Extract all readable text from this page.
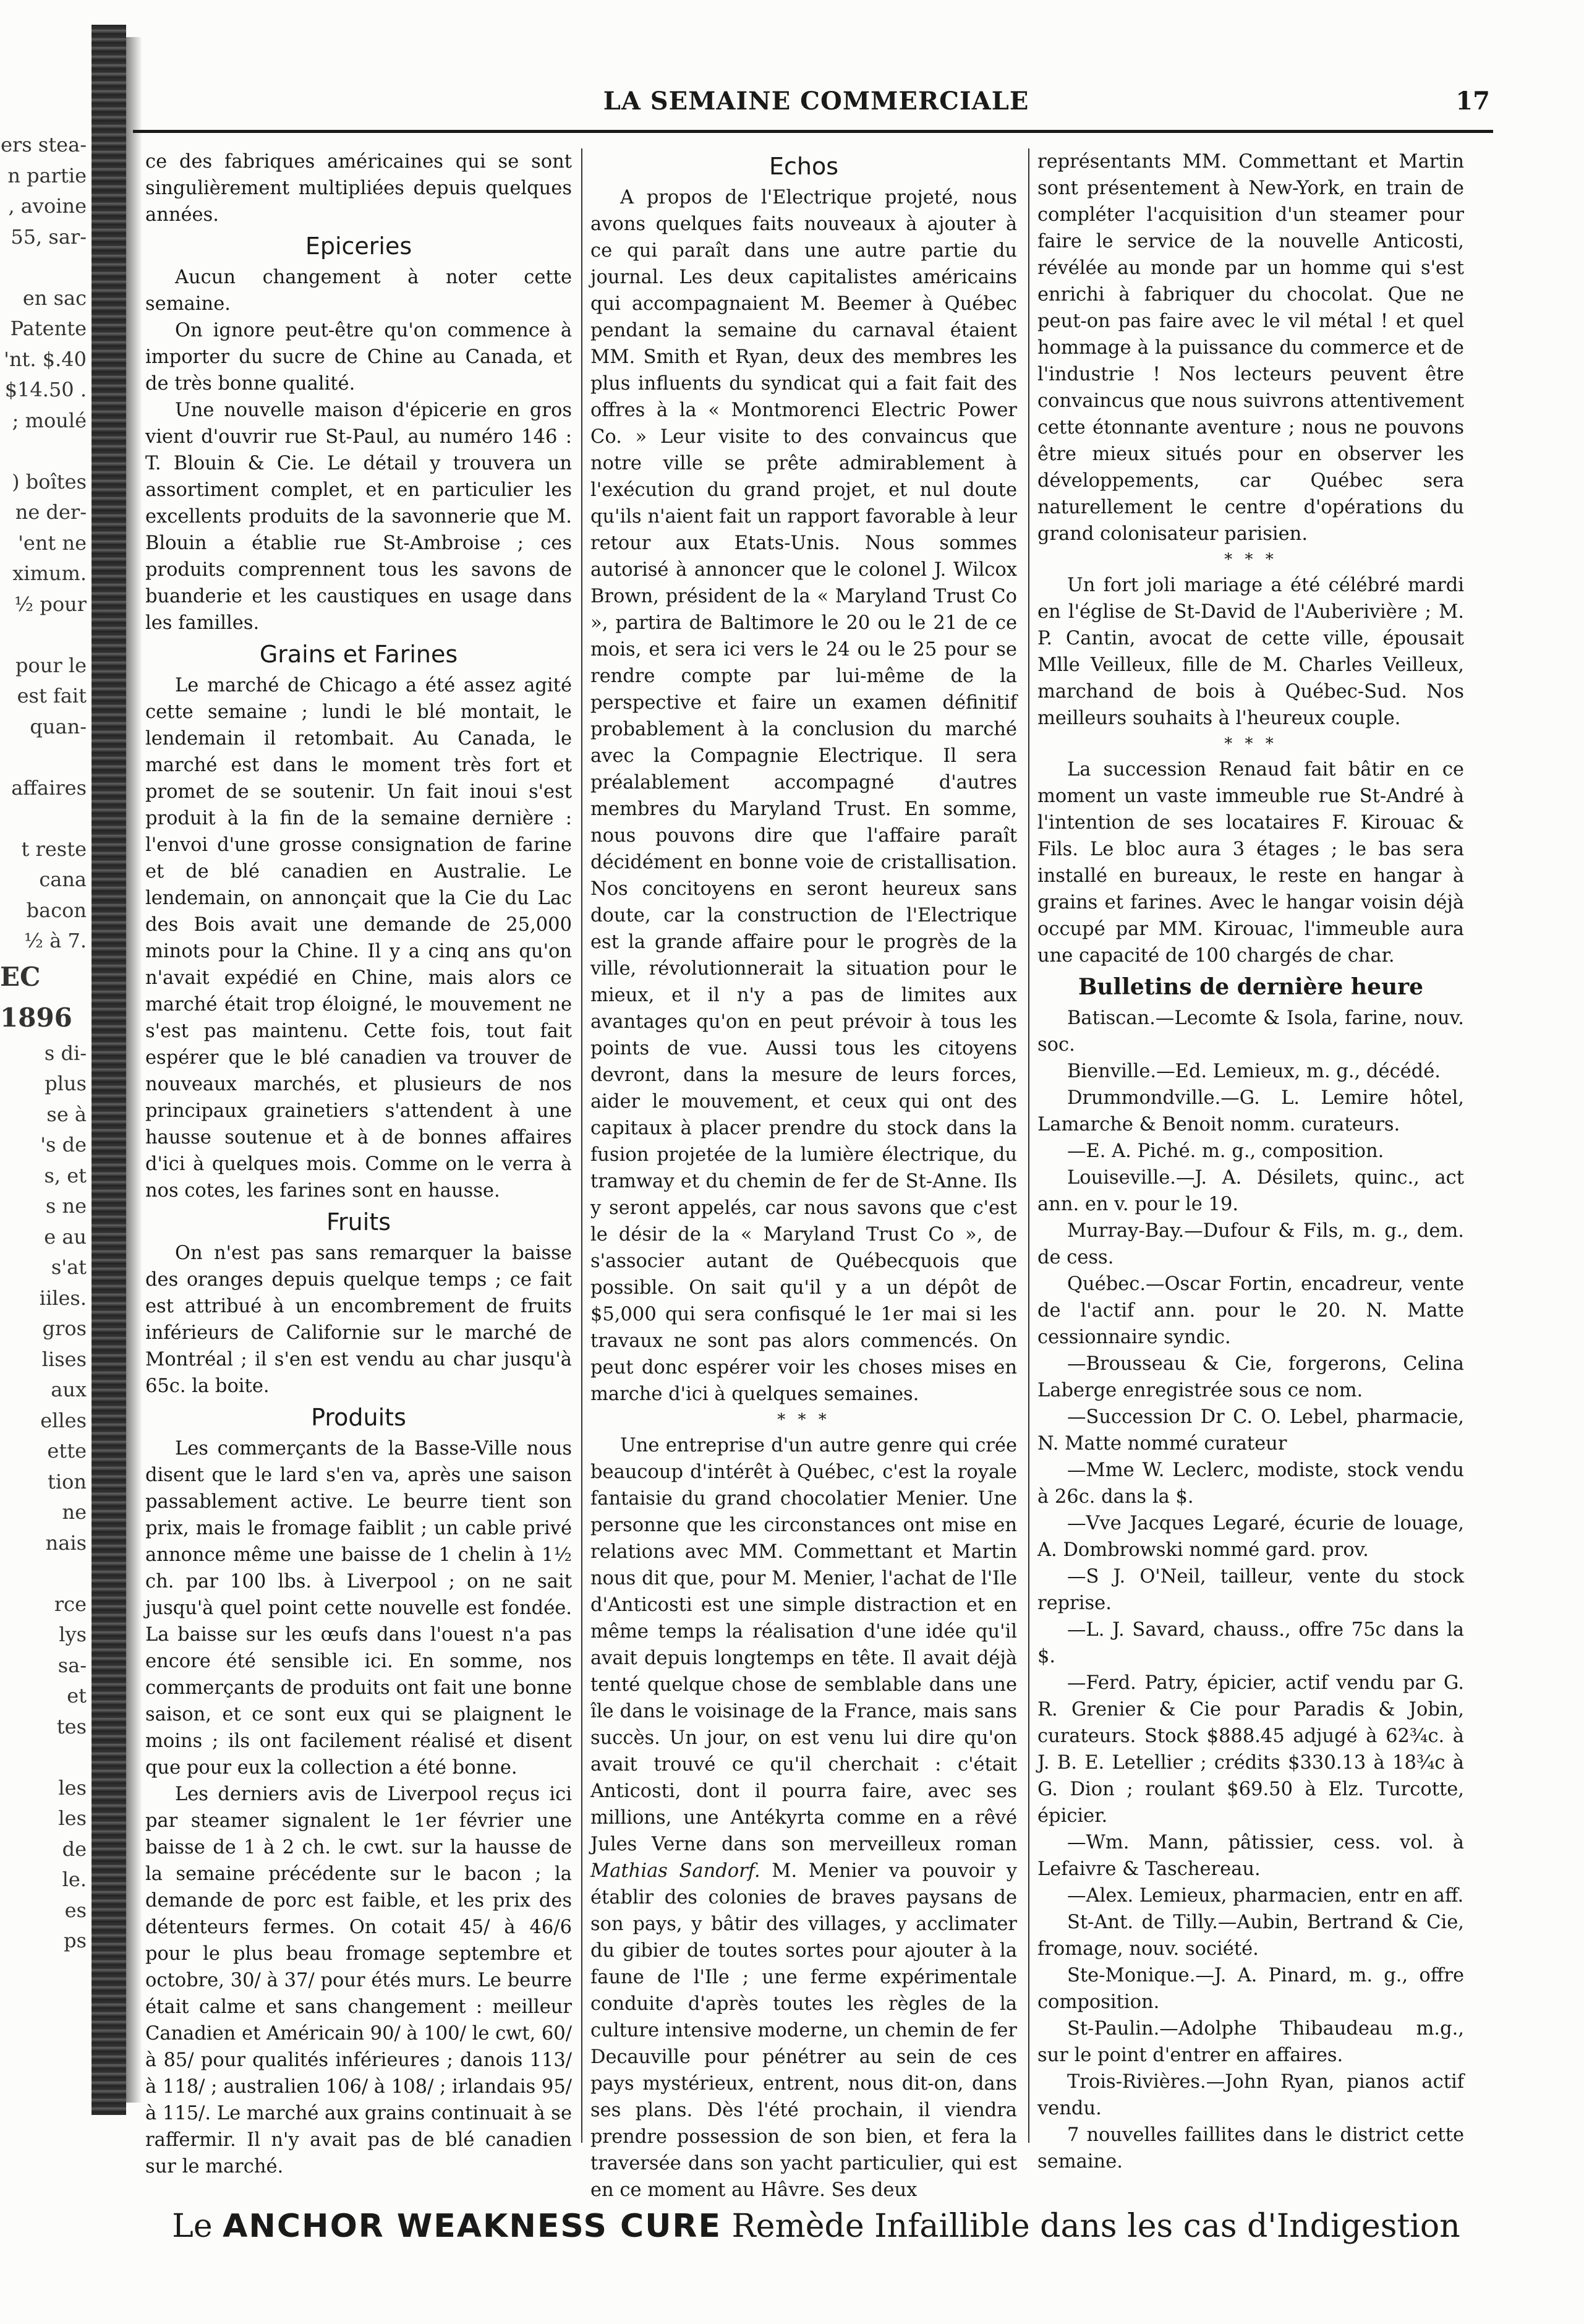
ers stea-

n partie

, avoine

55, sar-

en sac

Patente

'nt. $.40

$14.50 .

; moulé

) boîtes

ne der-

'ent ne

ximum.

½ pour

pour le

est fait

quan-

affaires

t reste

cana

bacon

½ à 7.

EC

1896

s di-

plus

se à

's de

s, et

s ne

e au

s'at

iiles.

gros

lises

aux

elles

ette

tion

ne

nais

rce

lys

sa-

et

tes

les

les

de

le.

es

ps

LA SEMAINE COMMERCIALE	17

ce des fabriques américaines qui se sont singulièrement multipliées depuis quelques années.

Epiceries

Aucun changement à noter cette semaine.

On ignore peut-être qu'on commence à importer du sucre de Chine au Canada, et de très bonne qualité.

Une nouvelle maison d'épicerie en gros vient d'ouvrir rue St-Paul, au numéro 146 : T. Blouin & Cie. Le détail y trouvera un assortiment complet, et en particulier les excellents produits de la savonnerie que M. Blouin a établie rue St-Ambroise ; ces produits comprennent tous les savons de buanderie et les caustiques en usage dans les familles.

Grains et Farines

Le marché de Chicago a été assez agité cette semaine ; lundi le blé montait, le lendemain il retombait. Au Canada, le marché est dans le moment très fort et promet de se soutenir. Un fait inoui s'est produit à la fin de la semaine dernière : l'envoi d'une grosse consignation de farine et de blé canadien en Australie. Le lendemain, on annonçait que la Cie du Lac des Bois avait une demande de 25,000 minots pour la Chine. Il y a cinq ans qu'on n'avait expédié en Chine, mais alors ce marché était trop éloigné, le mouvement ne s'est pas maintenu. Cette fois, tout fait espérer que le blé canadien va trouver de nouveaux marchés, et plusieurs de nos principaux grainetiers s'attendent à une hausse soutenue et à de bonnes affaires d'ici à quelques mois. Comme on le verra à nos cotes, les farines sont en hausse.

Fruits

On n'est pas sans remarquer la baisse des oranges depuis quelque temps ; ce fait est attribué à un encombrement de fruits inférieurs de Californie sur le marché de Montréal ; il s'en est vendu au char jusqu'à 65c. la boite.

Produits

Les commerçants de la Basse-Ville nous disent que le lard s'en va, après une saison passablement active. Le beurre tient son prix, mais le fromage faiblit ; un cable privé annonce même une baisse de 1 chelin à 1½ ch. par 100 lbs. à Liverpool ; on ne sait jusqu'à quel point cette nouvelle est fondée. La baisse sur les œufs dans l'ouest n'a pas encore été sensible ici. En somme, nos commerçants de produits ont fait une bonne saison, et ce sont eux qui se plaignent le moins ; ils ont facilement réalisé et disent que pour eux la collection a été bonne.

Les derniers avis de Liverpool reçus ici par steamer signalent le 1er février une baisse de 1 à 2 ch. le cwt. sur la hausse de la semaine précédente sur le bacon ; la demande de porc est faible, et les prix des détenteurs fermes. On cotait 45/ à 46/6 pour le plus beau fromage septembre et octobre, 30/ à 37/ pour étés murs. Le beurre était calme et sans changement : meilleur Canadien et Américain 90/ à 100/ le cwt, 60/ à 85/ pour qualités inférieures ; danois 113/ à 118/ ; australien 106/ à 108/ ; irlandais 95/ à 115/. Le marché aux grains continuait à se raffermir. Il n'y avait pas de blé canadien sur le marché.

Echos

A propos de l'Electrique projeté, nous avons quelques faits nouveaux à ajouter à ce qui paraît dans une autre partie du journal. Les deux capitalistes américains qui accompagnaient M. Beemer à Québec pendant la semaine du carnaval étaient MM. Smith et Ryan, deux des membres les plus influents du syndicat qui a fait fait des offres à la « Montmorenci Electric Power Co. » Leur visite to des convaincus que notre ville se prête admirablement à l'exécution du grand projet, et nul doute qu'ils n'aient fait un rapport favorable à leur retour aux Etats-Unis. Nous sommes autorisé à annoncer que le colonel J. Wilcox Brown, président de la « Maryland Trust Co », partira de Baltimore le 20 ou le 21 de ce mois, et sera ici vers le 24 ou le 25 pour se rendre compte par lui-même de la perspective et faire un examen définitif probablement à la conclusion du marché avec la Compagnie Electrique. Il sera préalablement accompagné d'autres membres du Maryland Trust. En somme, nous pouvons dire que l'affaire paraît décidément en bonne voie de cristallisation. Nos concitoyens en seront heureux sans doute, car la construction de l'Electrique est la grande affaire pour le progrès de la ville, révolutionnerait la situation pour le mieux, et il n'y a pas de limites aux avantages qu'on en peut prévoir à tous les points de vue. Aussi tous les citoyens devront, dans la mesure de leurs forces, aider le mouvement, et ceux qui ont des capitaux à placer prendre du stock dans la fusion projetée de la lumière électrique, du tramway et du chemin de fer de St-Anne. Ils y seront appelés, car nous savons que c'est le désir de la « Maryland Trust Co », de s'associer autant de Québecquois que possible. On sait qu'il y a un dépôt de $5,000 qui sera confisqué le 1er mai si les travaux ne sont pas alors commencés. On peut donc espérer voir les choses mises en marche d'ici à quelques semaines.

* * *

Une entreprise d'un autre genre qui crée beaucoup d'intérêt à Québec, c'est la royale fantaisie du grand chocolatier Menier. Une personne que les circonstances ont mise en relations avec MM. Commettant et Martin nous dit que, pour M. Menier, l'achat de l'Ile d'Anticosti est une simple distraction et en même temps la réalisation d'une idée qu'il avait depuis longtemps en tête. Il avait déjà tenté quelque chose de semblable dans une île dans le voisinage de la France, mais sans succès. Un jour, on est venu lui dire qu'on avait trouvé ce qu'il cherchait : c'était Anticosti, dont il pourra faire, avec ses millions, une Antékyrta comme en a rêvé Jules Verne dans son merveilleux roman Mathias Sandorf. M. Menier va pouvoir y établir des colonies de braves paysans de son pays, y bâtir des villages, y acclimater du gibier de toutes sortes pour ajouter à la faune de l'Ile ; une ferme expérimentale conduite d'après toutes les règles de la culture intensive moderne, un chemin de fer Decauville pour pénétrer au sein de ces pays mystérieux, entrent, nous dit-on, dans ses plans. Dès l'été prochain, il viendra prendre possession de son bien, et fera la traversée dans son yacht particulier, qui est en ce moment au Hâvre. Ses deux

représentants MM. Commettant et Martin sont présentement à New-York, en train de compléter l'acquisition d'un steamer pour faire le service de la nouvelle Anticosti, révélée au monde par un homme qui s'est enrichi à fabriquer du chocolat. Que ne peut-on pas faire avec le vil métal ! et quel hommage à la puissance du commerce et de l'industrie ! Nos lecteurs peuvent être convaincus que nous suivrons attentivement cette étonnante aventure ; nous ne pouvons être mieux situés pour en observer les développements, car Québec sera naturellement le centre d'opérations du grand colonisateur parisien.

* * *

Un fort joli mariage a été célébré mardi en l'église de St-David de l'Auberivière ; M. P. Cantin, avocat de cette ville, épousait Mlle Veilleux, fille de M. Charles Veilleux, marchand de bois à Québec-Sud. Nos meilleurs souhaits à l'heureux couple.

* * *

La succession Renaud fait bâtir en ce moment un vaste immeuble rue St-André à l'intention de ses locataires F. Kirouac & Fils. Le bloc aura 3 étages ; le bas sera installé en bureaux, le reste en hangar à grains et farines. Avec le hangar voisin déjà occupé par MM. Kirouac, l'immeuble aura une capacité de 100 chargés de char.

Bulletins de dernière heure

Batiscan.—Lecomte & Isola, farine, nouv. soc.

Bienville.—Ed. Lemieux, m. g., décédé.

Drummondville.—G. L. Lemire hôtel, Lamarche & Benoit nomm. curateurs.

—E. A. Piché. m. g., composition.

Louiseville.—J. A. Désilets, quinc., act ann. en v. pour le 19.

Murray-Bay.—Dufour & Fils, m. g., dem. de cess.

Québec.—Oscar Fortin, encadreur, vente de l'actif ann. pour le 20. N. Matte cessionnaire syndic.

—Brousseau & Cie, forgerons, Celina Laberge enregistrée sous ce nom.

—Succession Dr C. O. Lebel, pharmacie, N. Matte nommé curateur

—Mme W. Leclerc, modiste, stock vendu à 26c. dans la $.

—Vve Jacques Legaré, écurie de louage, A. Dombrowski nommé gard. prov.

—S J. O'Neil, tailleur, vente du stock reprise.

—L. J. Savard, chauss., offre 75c dans la $.

—Ferd. Patry, épicier, actif vendu par G. R. Grenier & Cie pour Paradis & Jobin, curateurs. Stock $888.45 adjugé à 62¾c. à J. B. E. Letellier ; crédits $330.13 à 18¾c à G. Dion ; roulant $69.50 à Elz. Turcotte, épicier.

—Wm. Mann, pâtissier, cess. vol. à Lefaivre & Taschereau.

—Alex. Lemieux, pharmacien, entr en aff.

St-Ant. de Tilly.—Aubin, Bertrand & Cie, fromage, nouv. société.

Ste-Monique.—J. A. Pinard, m. g., offre composition.

St-Paulin.—Adolphe Thibaudeau m.g., sur le point d'entrer en affaires.

Trois-Rivières.—John Ryan, pianos actif vendu.

7 nouvelles faillites dans le district cette semaine.

Le ANCHOR WEAKNESS CURE Remède Infaillible dans les cas d'Indigestion
